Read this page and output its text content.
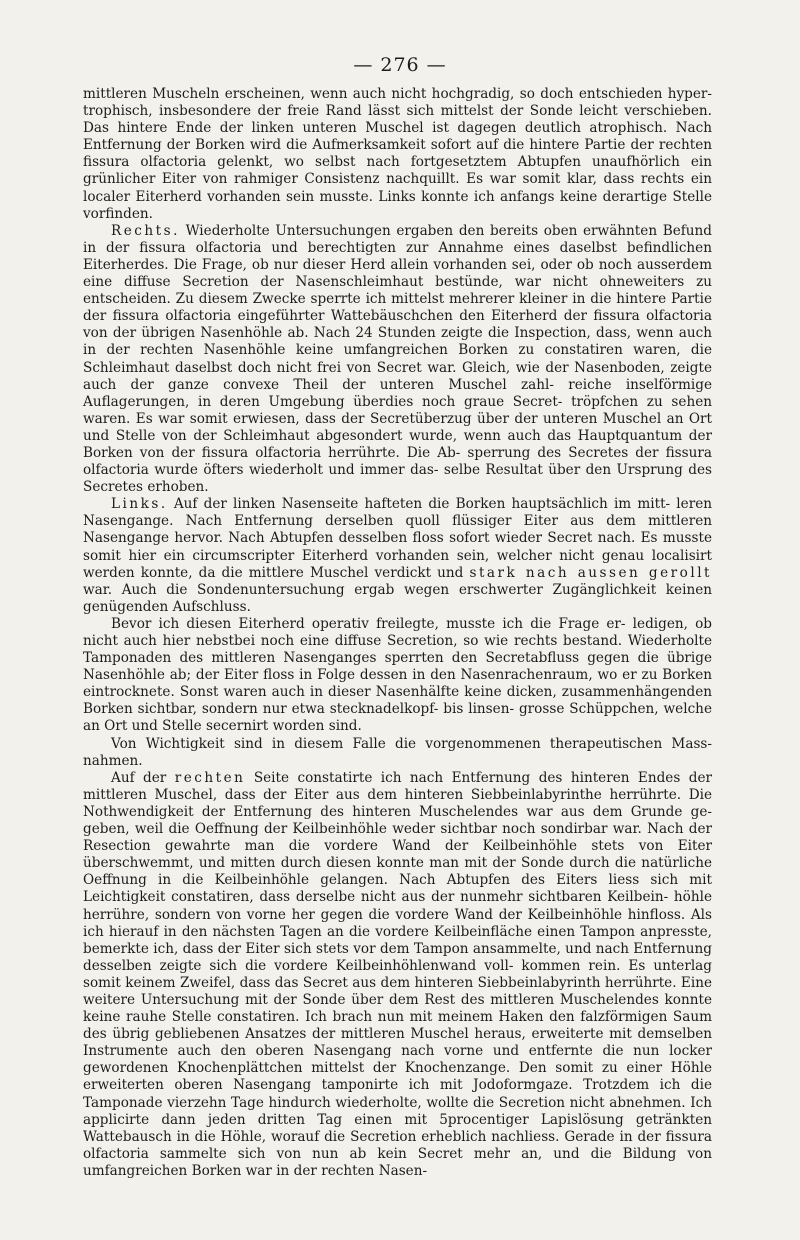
— 276 —

mittleren Muscheln erscheinen, wenn auch nicht hochgradig, so doch entschieden hyper- trophisch, insbesondere der freie Rand lässt sich mittelst der Sonde leicht verschieben. Das hintere Ende der linken unteren Muschel ist dagegen deutlich atrophisch. Nach Entfernung der Borken wird die Aufmerksamkeit sofort auf die hintere Partie der rechten fissura olfactoria gelenkt, wo selbst nach fortgesetztem Abtupfen unaufhörlich ein grünlicher Eiter von rahmiger Consistenz nachquillt. Es war somit klar, dass rechts ein localer Eiterherd vorhanden sein musste. Links konnte ich anfangs keine derartige Stelle vorfinden.

Rechts. Wiederholte Untersuchungen ergaben den bereits oben erwähnten Befund in der fissura olfactoria und berechtigten zur Annahme eines daselbst befindlichen Eiterherdes. Die Frage, ob nur dieser Herd allein vorhanden sei, oder ob noch ausserdem eine diffuse Secretion der Nasenschleimhaut bestünde, war nicht ohneweiters zu entscheiden. Zu diesem Zwecke sperrte ich mittelst mehrerer kleiner in die hintere Partie der fissura olfactoria eingeführter Wattebäuschchen den Eiterherd der fissura olfactoria von der übrigen Nasenhöhle ab. Nach 24 Stunden zeigte die Inspection, dass, wenn auch in der rechten Nasenhöhle keine umfangreichen Borken zu constatiren waren, die Schleimhaut daselbst doch nicht frei von Secret war. Gleich, wie der Nasenboden, zeigte auch der ganze convexe Theil der unteren Muschel zahl- reiche inselförmige Auflagerungen, in deren Umgebung überdies noch graue Secret- tröpfchen zu sehen waren. Es war somit erwiesen, dass der Secretüberzug über der unteren Muschel an Ort und Stelle von der Schleimhaut abgesondert wurde, wenn auch das Hauptquantum der Borken von der fissura olfactoria herrührte. Die Ab- sperrung des Secretes der fissura olfactoria wurde öfters wiederholt und immer das- selbe Resultat über den Ursprung des Secretes erhoben.

Links. Auf der linken Nasenseite hafteten die Borken hauptsächlich im mitt- leren Nasengange. Nach Entfernung derselben quoll flüssiger Eiter aus dem mittleren Nasengange hervor. Nach Abtupfen desselben floss sofort wieder Secret nach. Es musste somit hier ein circumscripter Eiterherd vorhanden sein, welcher nicht genau localisirt werden konnte, da die mittlere Muschel verdickt und stark nach aussen gerollt war. Auch die Sondenuntersuchung ergab wegen erschwerter Zugänglichkeit keinen genügenden Aufschluss.

Bevor ich diesen Eiterherd operativ freilegte, musste ich die Frage er- ledigen, ob nicht auch hier nebstbei noch eine diffuse Secretion, so wie rechts bestand. Wiederholte Tamponaden des mittleren Nasenganges sperrten den Secretabfluss gegen die übrige Nasenhöhle ab; der Eiter floss in Folge dessen in den Nasenrachenraum, wo er zu Borken eintrocknete. Sonst waren auch in dieser Nasenhälfte keine dicken, zusammenhängenden Borken sichtbar, sondern nur etwa stecknadelkopf- bis linsen- grosse Schüppchen, welche an Ort und Stelle secernirt worden sind.

Von Wichtigkeit sind in diesem Falle die vorgenommenen therapeutischen Mass- nahmen.

Auf der rechten Seite constatirte ich nach Entfernung des hinteren Endes der mittleren Muschel, dass der Eiter aus dem hinteren Siebbeinlabyrinthe herrührte. Die Nothwendigkeit der Entfernung des hinteren Muschelendes war aus dem Grunde ge- geben, weil die Oeffnung der Keilbeinhöhle weder sichtbar noch sondirbar war. Nach der Resection gewahrte man die vordere Wand der Keilbeinhöhle stets von Eiter überschwemmt, und mitten durch diesen konnte man mit der Sonde durch die natürliche Oeffnung in die Keilbeinhöhle gelangen. Nach Abtupfen des Eiters liess sich mit Leichtigkeit constatiren, dass derselbe nicht aus der nunmehr sichtbaren Keilbein- höhle herrühre, sondern von vorne her gegen die vordere Wand der Keilbeinhöhle hinfloss. Als ich hierauf in den nächsten Tagen an die vordere Keilbeinfläche einen Tampon anpresste, bemerkte ich, dass der Eiter sich stets vor dem Tampon ansammelte, und nach Entfernung desselben zeigte sich die vordere Keilbeinhöhlenwand voll- kommen rein. Es unterlag somit keinem Zweifel, dass das Secret aus dem hinteren Siebbeinlabyrinth herrührte. Eine weitere Untersuchung mit der Sonde über dem Rest des mittleren Muschelendes konnte keine rauhe Stelle constatiren. Ich brach nun mit meinem Haken den falzförmigen Saum des übrig gebliebenen Ansatzes der mittleren Muschel heraus, erweiterte mit demselben Instrumente auch den oberen Nasengang nach vorne und entfernte die nun locker gewordenen Knochenplättchen mittelst der Knochenzange. Den somit zu einer Höhle erweiterten oberen Nasengang tamponirte ich mit Jodoformgaze. Trotzdem ich die Tamponade vierzehn Tage hindurch wiederholte, wollte die Secretion nicht abnehmen. Ich applicirte dann jeden dritten Tag einen mit 5procentiger Lapislösung getränkten Wattebausch in die Höhle, worauf die Secretion erheblich nachliess. Gerade in der fissura olfactoria sammelte sich von nun ab kein Secret mehr an, und die Bildung von umfangreichen Borken war in der rechten Nasen-
